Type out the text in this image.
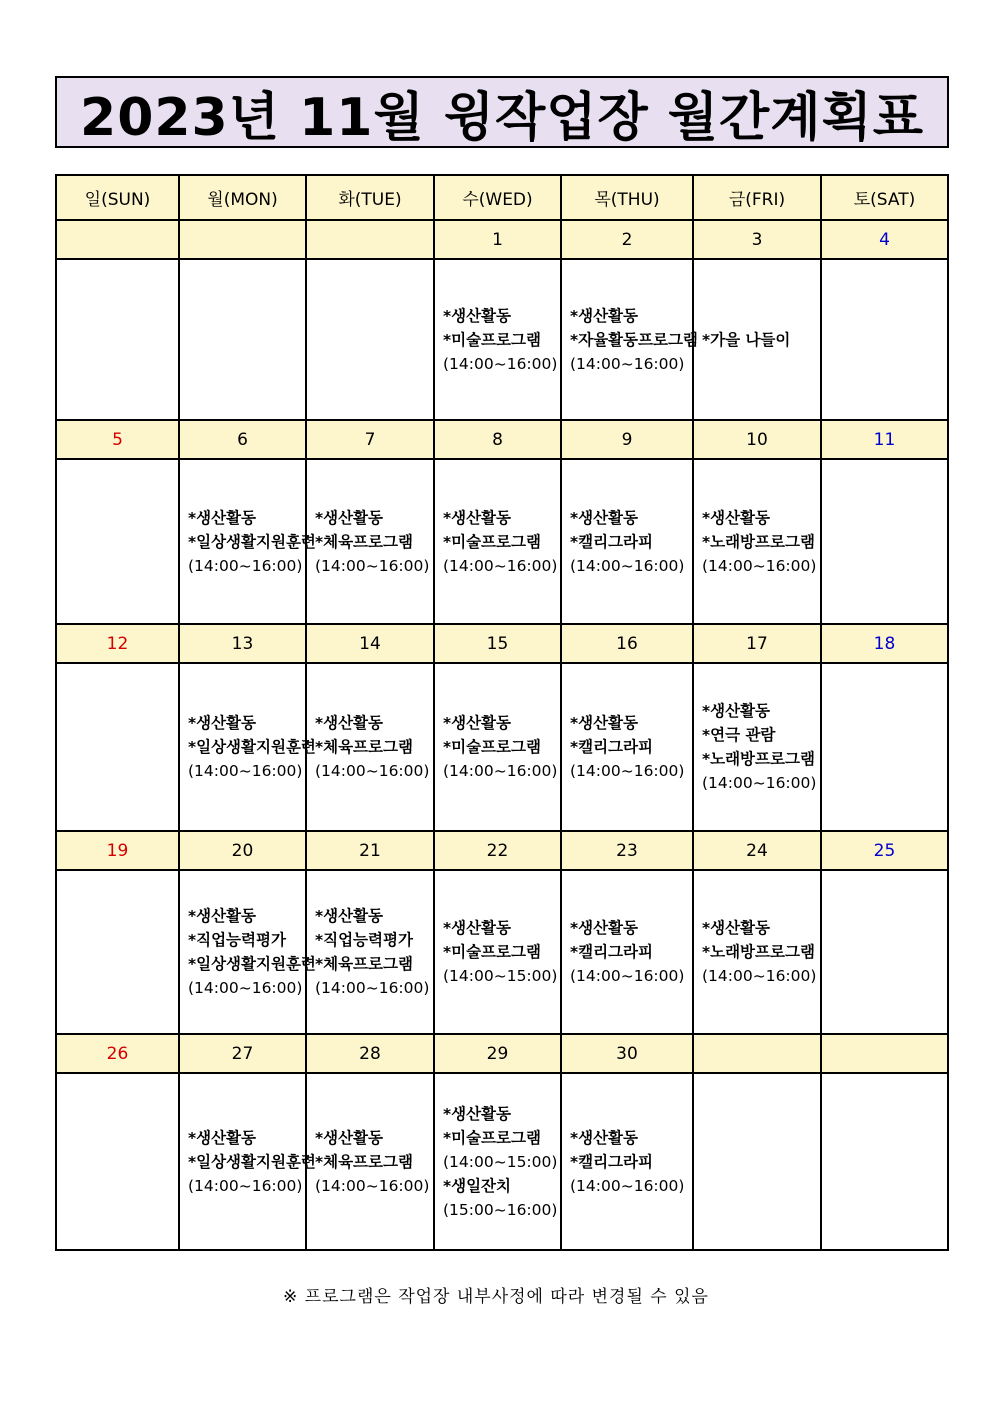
2023년 11월 윙작업장 월간계획표
일(SUN)	월(MON)	화(TUE)	수(WED)	목(THU)	금(FRI)	토(SAT)
			1	2	3	4

			*생산활동
*미술프로그램
(14:00~16:00)	*생산활동
*자율활동프로그램
(14:00~16:00)	*가을 나들이	

5	6	7	8	9	10	11

	*생산활동
*일상생활지원훈련
(14:00~16:00)	*생산활동
*체육프로그램
(14:00~16:00)	*생산활동
*미술프로그램
(14:00~16:00)	*생산활동
*캘리그라피
(14:00~16:00)	*생산활동
*노래방프로그램
(14:00~16:00)	

12	13	14	15	16	17	18

	*생산활동
*일상생활지원훈련
(14:00~16:00)	*생산활동
*체육프로그램
(14:00~16:00)	*생산활동
*미술프로그램
(14:00~16:00)	*생산활동
*캘리그라피
(14:00~16:00)	*생산활동
*연극 관람
*노래방프로그램
(14:00~16:00)	

19	20	21	22	23	24	25

	*생산활동
*직업능력평가
*일상생활지원훈련
(14:00~16:00)	*생산활동
*직업능력평가
*체육프로그램
(14:00~16:00)	*생산활동
*미술프로그램
(14:00~15:00)	*생산활동
*캘리그라피
(14:00~16:00)	*생산활동
*노래방프로그램
(14:00~16:00)	

26	27	28	29	30		

	*생산활동
*일상생활지원훈련
(14:00~16:00)	*생산활동
*체육프로그램
(14:00~16:00)	*생산활동
*미술프로그램
(14:00~15:00)
*생일잔치
(15:00~16:00)	*생산활동
*캘리그라피
(14:00~16:00)		

※ 프로그램은 작업장 내부사정에 따라 변경될 수 있음
